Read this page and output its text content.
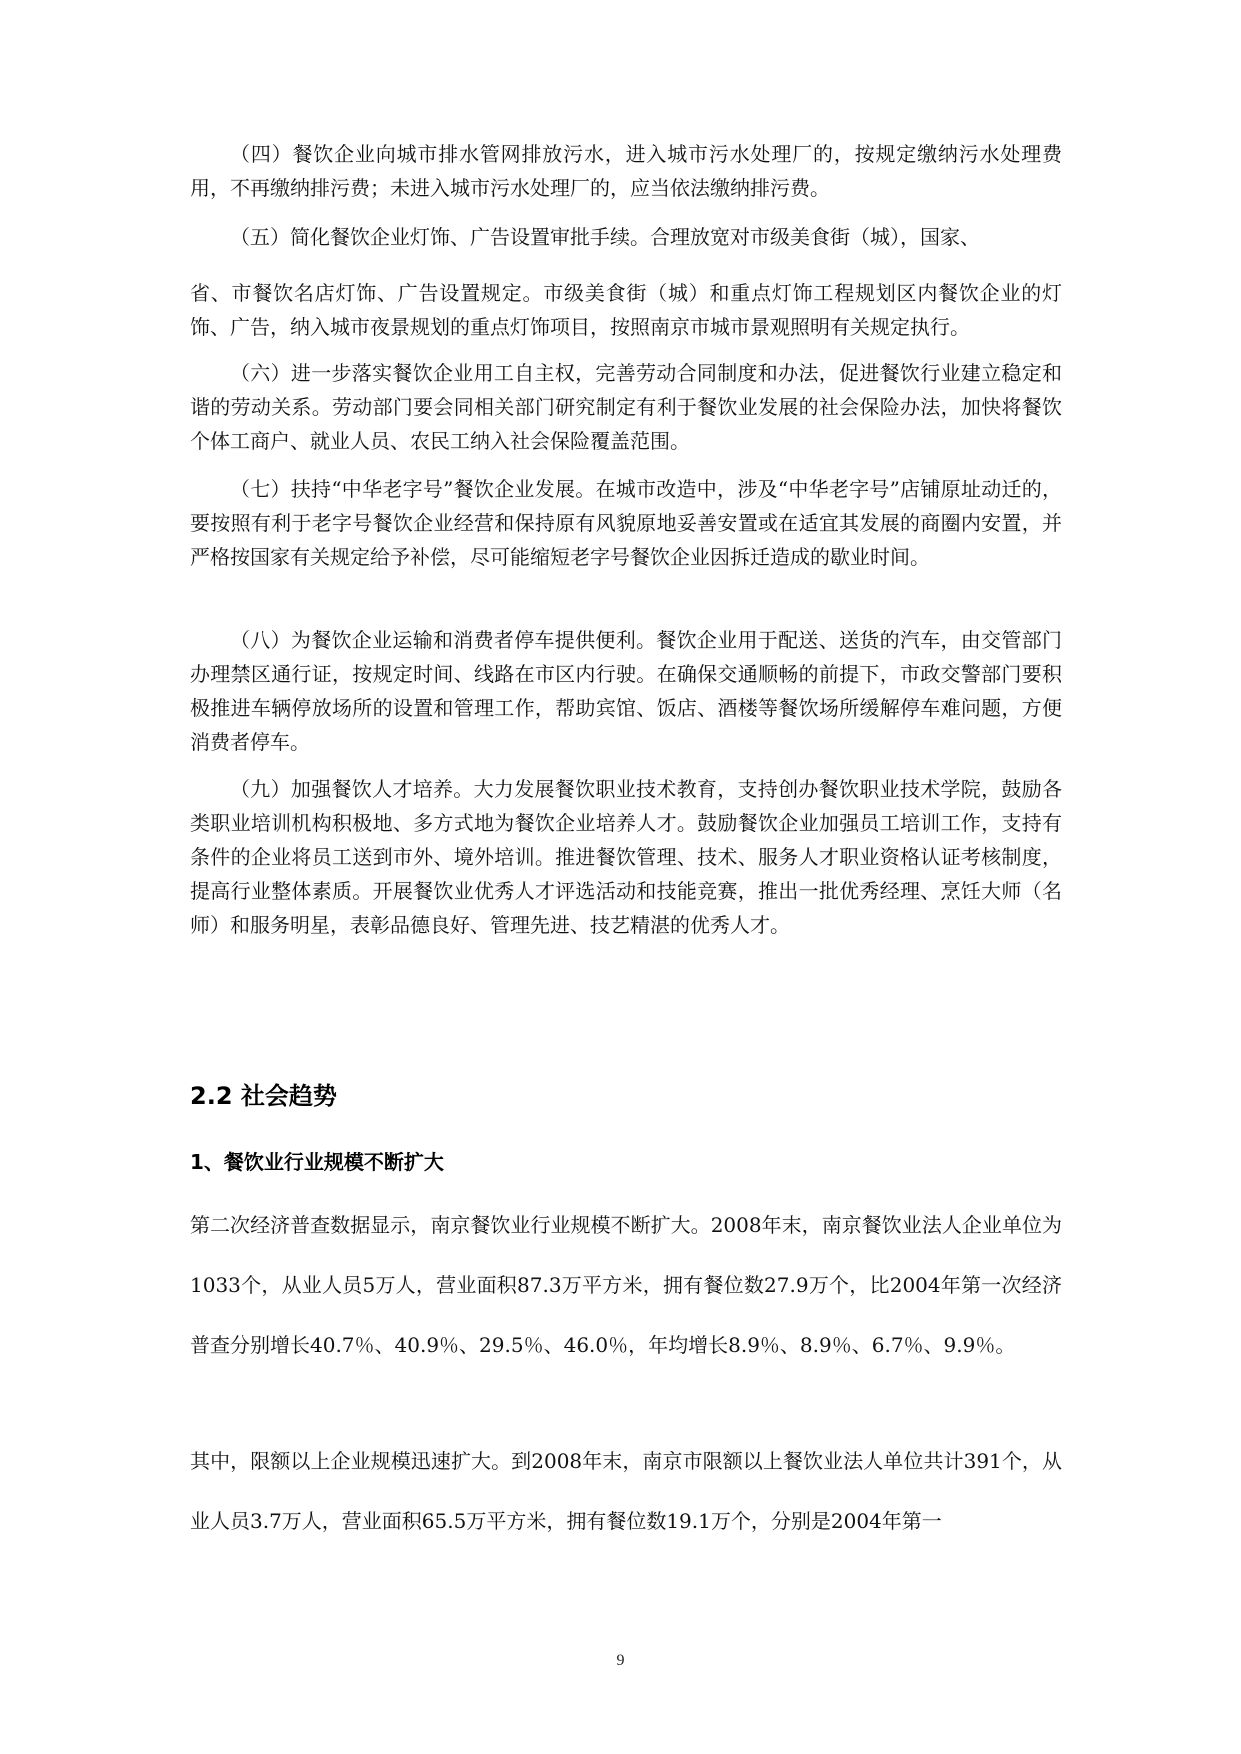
（四）餐饮企业向城市排水管网排放污水，进入城市污水处理厂的，按规定缴纳污水处理费用，不再缴纳排污费；未进入城市污水处理厂的，应当依法缴纳排污费。

（五）简化餐饮企业灯饰、广告设置审批手续。合理放宽对市级美食街（城），国家、

省、市餐饮名店灯饰、广告设置规定。市级美食街（城）和重点灯饰工程规划区内餐饮企业的灯饰、广告，纳入城市夜景规划的重点灯饰项目，按照南京市城市景观照明有关规定执行。

（六）进一步落实餐饮企业用工自主权，完善劳动合同制度和办法，促进餐饮行业建立稳定和谐的劳动关系。劳动部门要会同相关部门研究制定有利于餐饮业发展的社会保险办法，加快将餐饮个体工商户、就业人员、农民工纳入社会保险覆盖范围。

（七）扶持“中华老字号”餐饮企业发展。在城市改造中，涉及“中华老字号”店铺原址动迁的，要按照有利于老字号餐饮企业经营和保持原有风貌原地妥善安置或在适宜其发展的商圈内安置，并严格按国家有关规定给予补偿，尽可能缩短老字号餐饮企业因拆迁造成的歇业时间。

（八）为餐饮企业运输和消费者停车提供便利。餐饮企业用于配送、送货的汽车，由交管部门办理禁区通行证，按规定时间、线路在市区内行驶。在确保交通顺畅的前提下，市政交警部门要积极推进车辆停放场所的设置和管理工作，帮助宾馆、饭店、酒楼等餐饮场所缓解停车难问题，方便消费者停车。

（九）加强餐饮人才培养。大力发展餐饮职业技术教育，支持创办餐饮职业技术学院，鼓励各类职业培训机构积极地、多方式地为餐饮企业培养人才。鼓励餐饮企业加强员工培训工作，支持有条件的企业将员工送到市外、境外培训。推进餐饮管理、技术、服务人才职业资格认证考核制度，提高行业整体素质。开展餐饮业优秀人才评选活动和技能竞赛，推出一批优秀经理、烹饪大师（名师）和服务明星，表彰品德良好、管理先进、技艺精湛的优秀人才。

2.2 社会趋势
1、餐饮业行业规模不断扩大

第二次经济普查数据显示，南京餐饮业行业规模不断扩大。2008年末，南京餐饮业法人企业单位为1033个，从业人员5万人，营业面积87.3万平方米，拥有餐位数27.9万个，比2004年第一次经济普查分别增长40.7％、40.9％、29.5％、46.0％，年均增长8.9％、8.9％、6.7％、9.9％。

其中，限额以上企业规模迅速扩大。到2008年末，南京市限额以上餐饮业法人单位共计391个，从业人员3.7万人，营业面积65.5万平方米，拥有餐位数19.1万个，分别是2004年第一

9
